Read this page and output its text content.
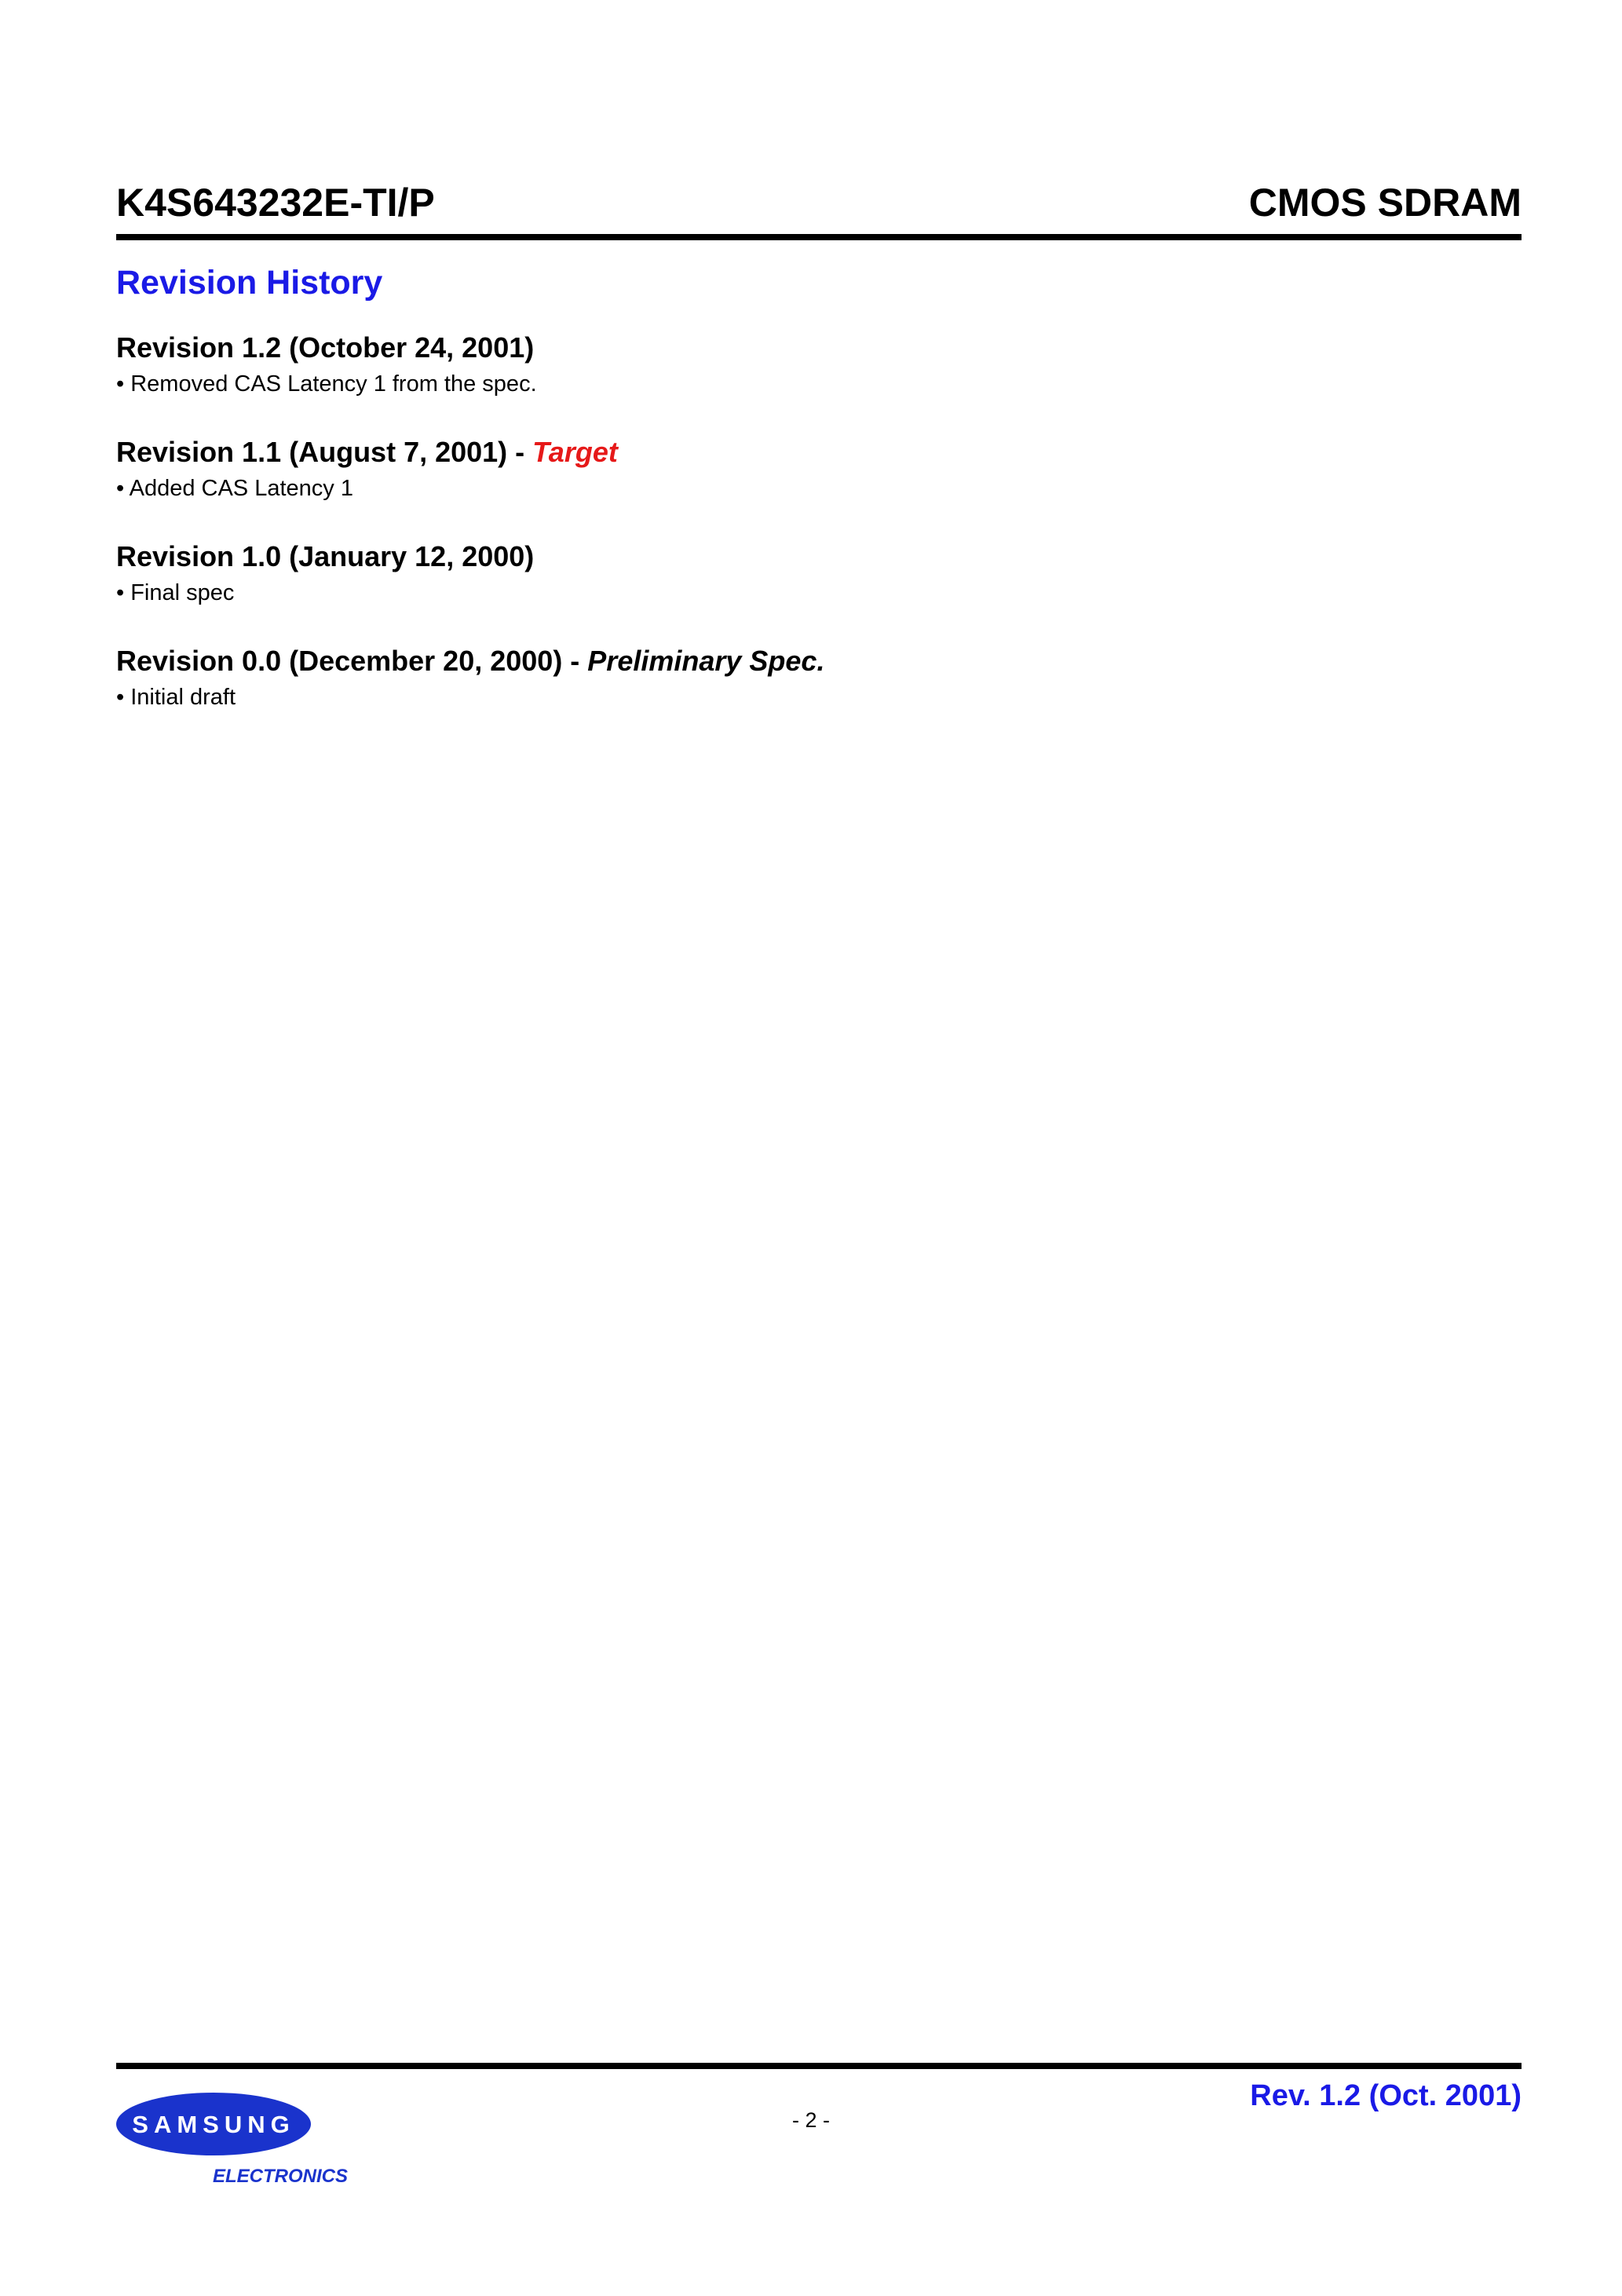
K4S643232E-TI/P	CMOS SDRAM
Revision History

Revision 1.2 (October 24, 2001)

• Removed CAS Latency 1 from the spec.

Revision 1.1 (August 7, 2001) - Target

• Added CAS Latency 1

Revision 1.0 (January 12, 2000)

• Final spec

Revision 0.0 (December 20, 2000) - Preliminary Spec.

• Initial draft

SAMSUNG
ELECTRONICS
- 2 -
Rev. 1.2 (Oct. 2001)
